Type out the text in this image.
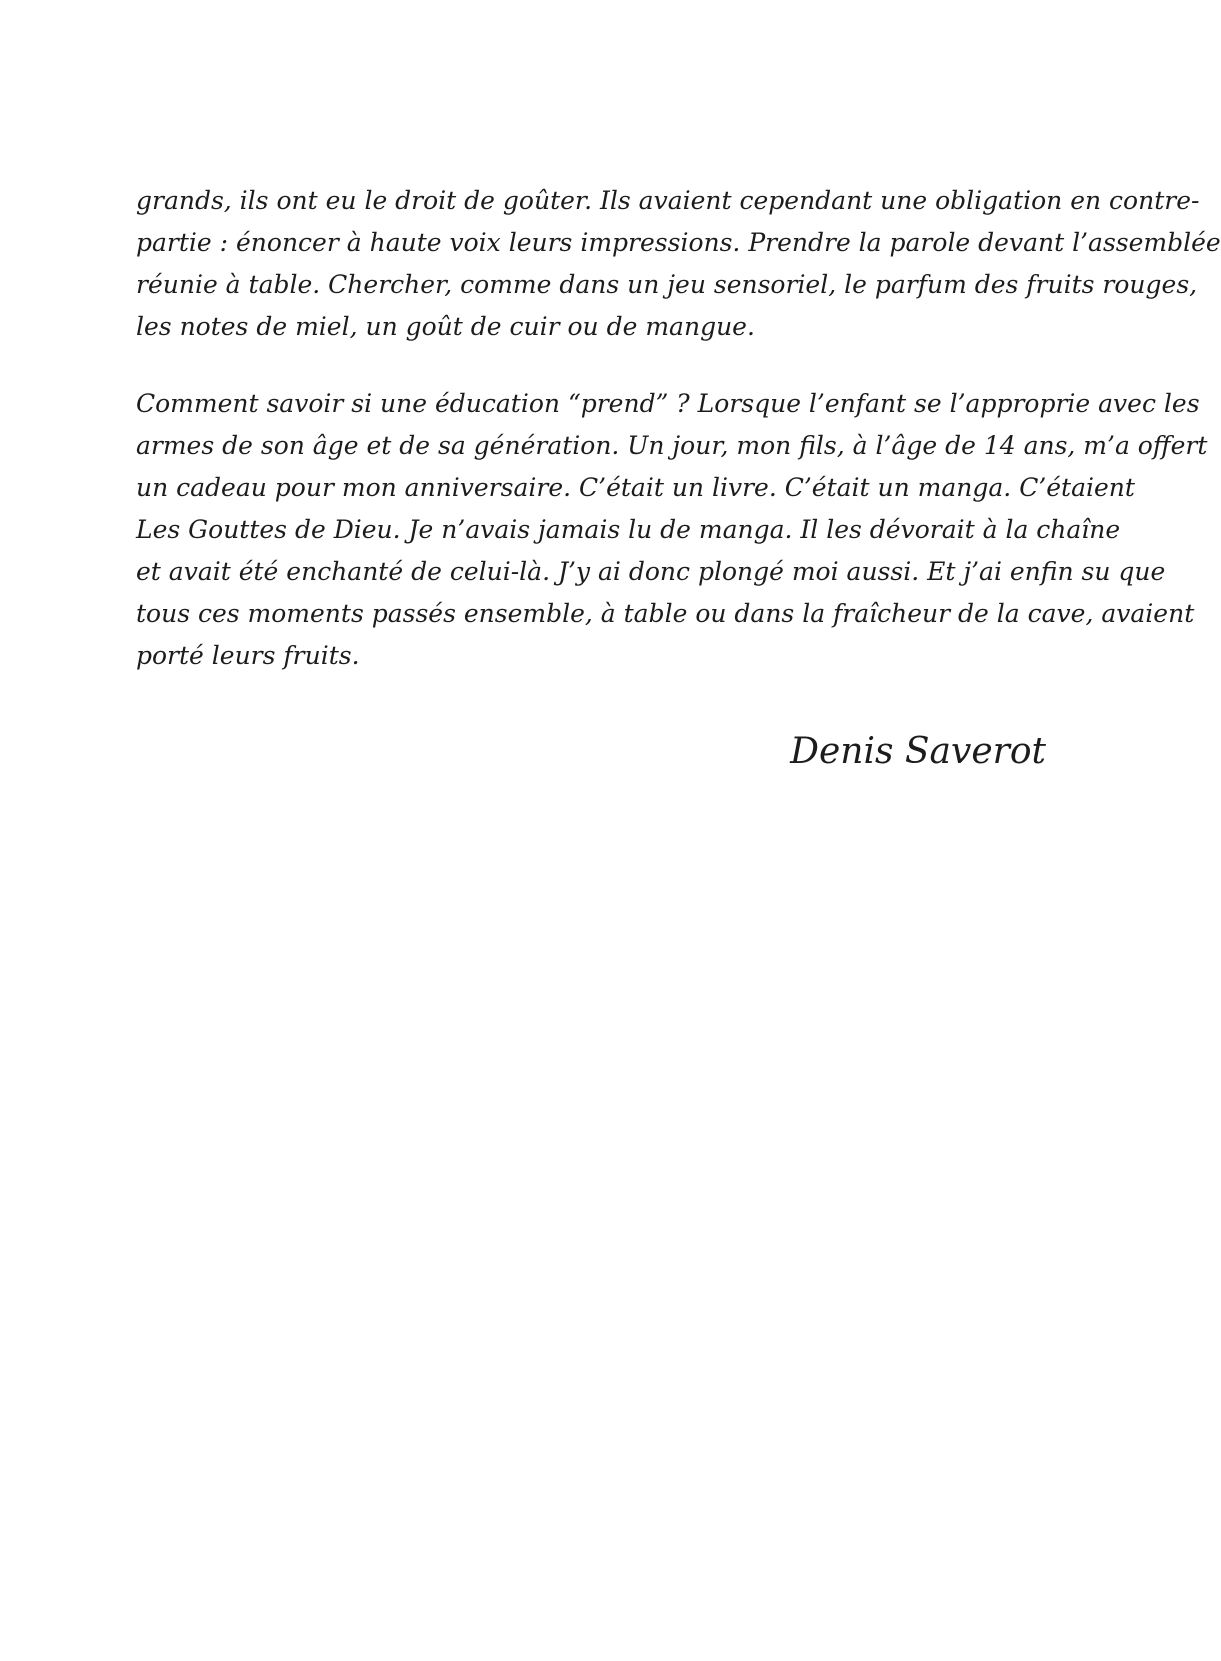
grands, ils ont eu le droit de goûter. Ils avaient cependant une obligation en contre-
partie : énoncer à haute voix leurs impressions. Prendre la parole devant l’assemblée
réunie à table. Chercher, comme dans un jeu sensoriel, le parfum des fruits rouges,
les notes de miel, un goût de cuir ou de mangue.
Comment savoir si une éducation “prend” ? Lorsque l’enfant se l’approprie avec les
armes de son âge et de sa génération. Un jour, mon fils, à l’âge de 14 ans, m’a offert
un cadeau pour mon anniversaire. C’était un livre. C’était un manga. C’étaient
Les Gouttes de Dieu. Je n’avais jamais lu de manga. Il les dévorait à la chaîne
et avait été enchanté de celui-là. J’y ai donc plongé moi aussi. Et j’ai enfin su que
tous ces moments passés ensemble, à table ou dans la fraîcheur de la cave, avaient
porté leurs fruits.
Denis Saverot
